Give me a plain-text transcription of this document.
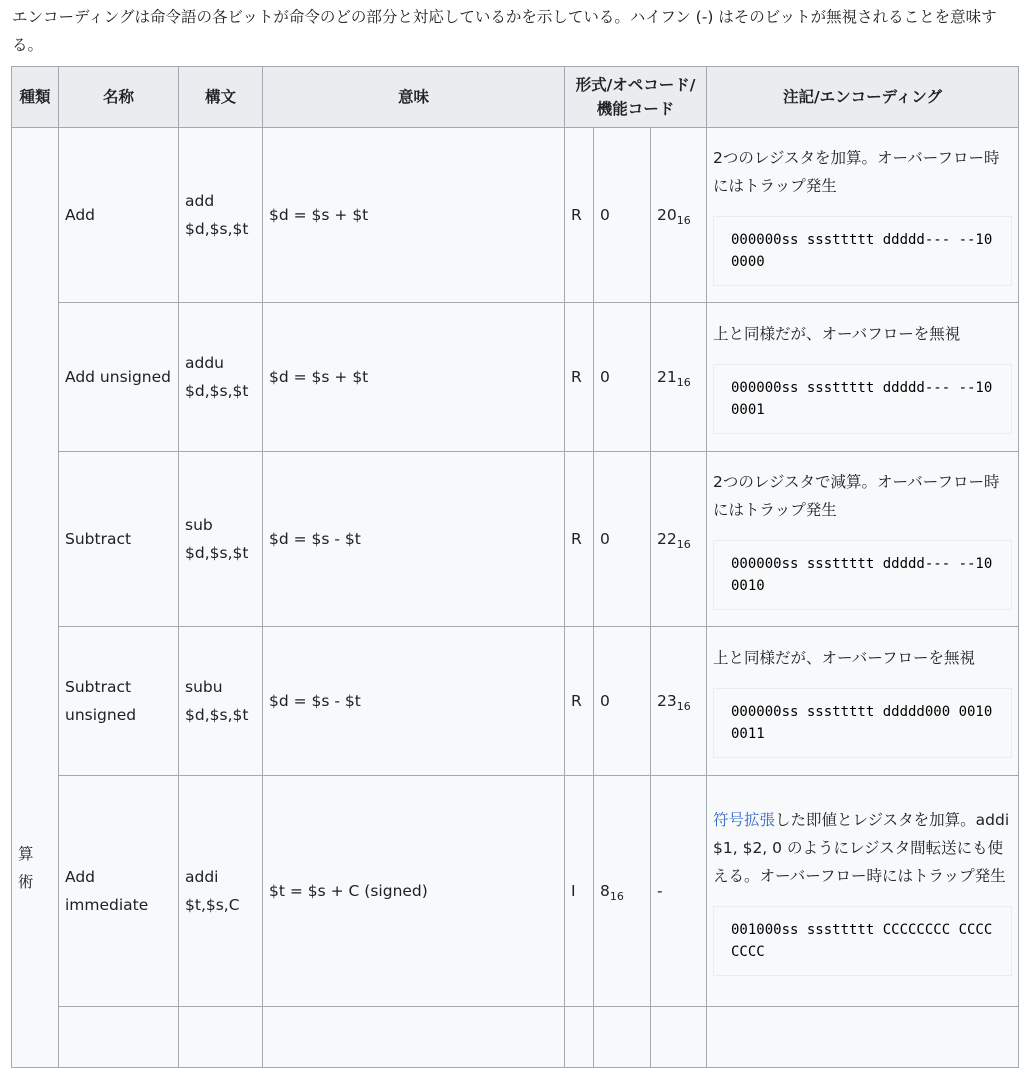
エンコーディングは命令語の各ビットが命令のどの部分と対応しているかを示している。ハイフン (-) はそのビットが無視されることを意味する。

種類	名称	構文	意味	形式/オペコード/機能コード			注記/エンコーディング

算術	Add	add $d,$s,$t	$d = $s + $t	R	0	$20_{16}$	2つのレジスタを加算。オーバーフロー時にはトラップ発生
000000ss sssttttt ddddd--- --100000

	Add unsigned	addu $d,$s,$t	$d = $s + $t	R	0	$21_{16}$	上と同様だが、オーバフローを無視
000000ss sssttttt ddddd--- --100001

	Subtract	sub $d,$s,$t	$d = $s - $t	R	0	$22_{16}$	2つのレジスタで減算。オーバーフロー時にはトラップ発生
000000ss sssttttt ddddd--- --100010

	Subtract unsigned	subu $d,$s,$t	$d = $s - $t	R	0	$23_{16}$	上と同様だが、オーバーフローを無視
000000ss sssttttt ddddd000 00100011

	Add immediate	addi $t,$s,C	$t = $s + C (signed)	I	$8_{16}$	-	符号拡張した即値とレジスタを加算。addi $1, $2, 0 のようにレジスタ間転送にも使える。オーバーフロー時にはトラップ発生
001000ss sssttttt CCCCCCCC CCCCCCCC
